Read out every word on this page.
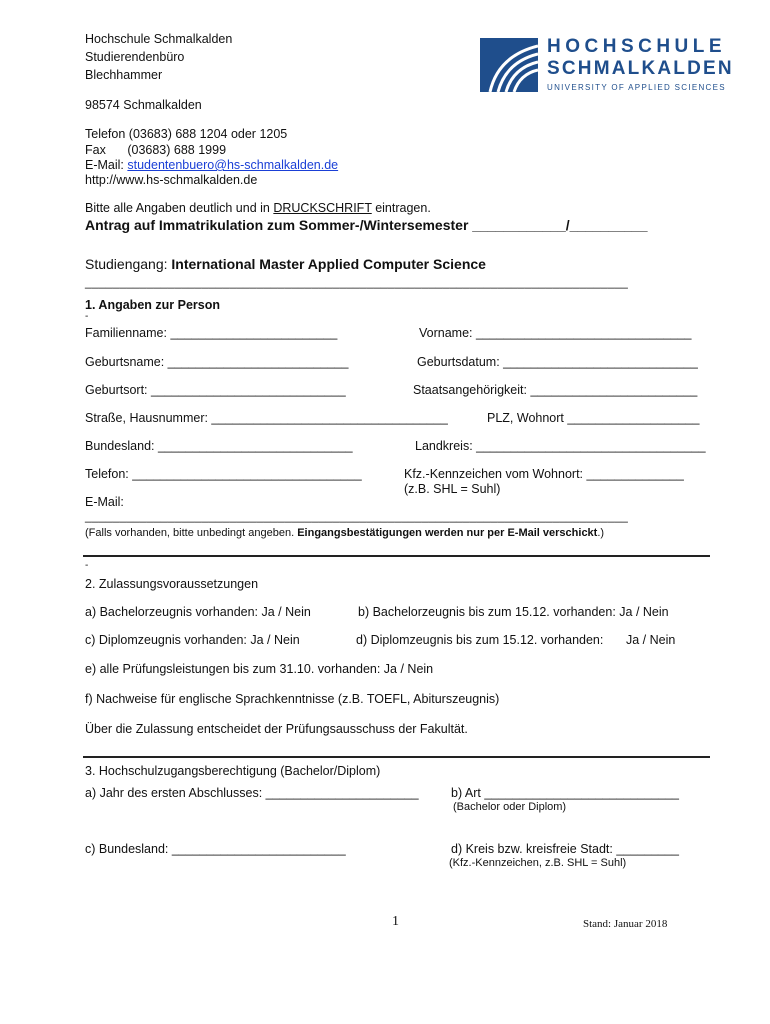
Hochschule Schmalkalden
Studierendenbüro
Blechhammer
98574 Schmalkalden
Telefon (03683) 688 1204 oder 1205
Fax (03683) 688 1999
E-Mail: studentenbuero@hs-schmalkalden.de
http://www.hs-schmalkalden.de
HOCHSCHULE
SCHMALKALDEN
UNIVERSITY OF APPLIED SCIENCES
Bitte alle Angaben deutlich und in DRUCKSCHRIFT eintragen.
Antrag auf Immatrikulation zum Sommer-/Wintersemester ____________/__________
Studiengang: International Master Applied Computer Science
_______________________________________________________________________________
1. Angaben zur Person
-
Familienname: ________________________	Vorname: _______________________________
Geburtsname: __________________________	Geburtsdatum: ____________________________
Geburtsort: ____________________________	Staatsangehörigkeit: ________________________
Straße, Hausnummer: __________________________________	PLZ, Wohnort ___________________
Bundesland: ____________________________	Landkreis: _________________________________
Telefon: _________________________________	Kfz.-Kennzeichen vom Wohnort: ______________
(z.B. SHL = Suhl)
E-Mail:
_______________________________________________________________________________
(Falls vorhanden, bitte unbedingt angeben. Eingangsbestätigungen werden nur per E-Mail verschickt.)
-
2. Zulassungsvoraussetzungen
a) Bachelorzeugnis vorhanden: Ja / Nein	b) Bachelorzeugnis bis zum 15.12. vorhanden: Ja / Nein
c) Diplomzeugnis vorhanden: Ja / Nein	d) Diplomzeugnis bis zum 15.12. vorhanden: Ja / Nein
e) alle Prüfungsleistungen bis zum 31.10. vorhanden: Ja / Nein
f) Nachweise für englische Sprachkenntnisse (z.B. TOEFL, Abiturszeugnis)
Über die Zulassung entscheidet der Prüfungsausschuss der Fakultät.
3. Hochschulzugangsberechtigung (Bachelor/Diplom)
a) Jahr des ersten Abschlusses: ______________________	b) Art ____________________________
(Bachelor oder Diplom)
c) Bundesland: _________________________	d) Kreis bzw. kreisfreie Stadt: _________
(Kfz.-Kennzeichen, z.B. SHL = Suhl)
1	Stand: Januar 2018
